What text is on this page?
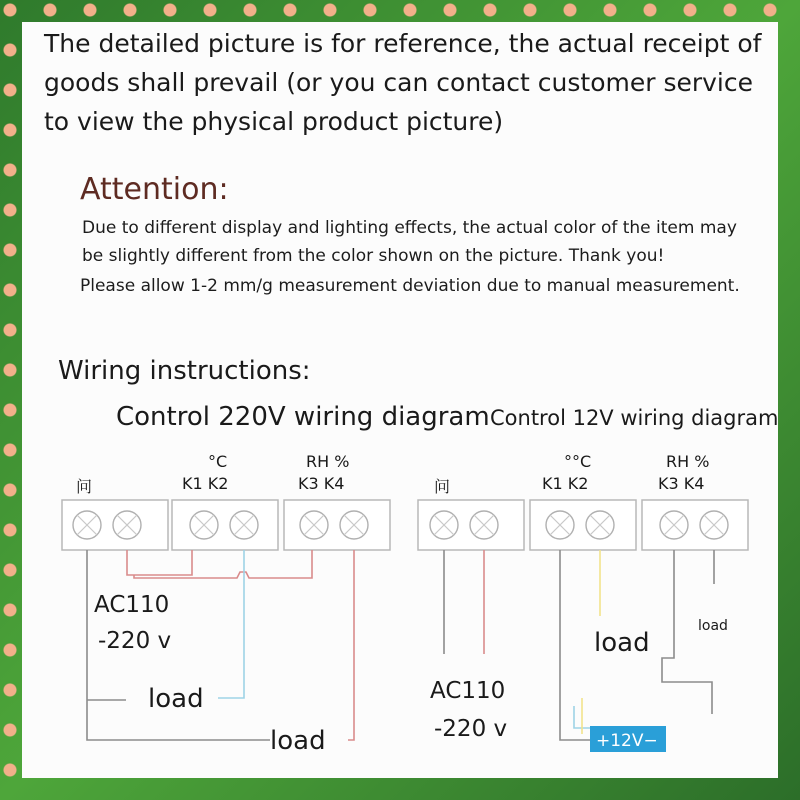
The detailed picture is for reference, the actual receipt of goods shall prevail (or you can contact customer service to view the physical product picture)
Attention:
Due to different display and lighting effects, the actual color of the item may
be slightly different from the color shown on the picture. Thank you!
Please allow 1-2 mm/g measurement deviation due to manual measurement.
Wiring instructions:
Control 220V wiring diagram
问
°C
K1 K2
RH %
K3 K4
AC110
-220 v
load
load
Control 12V wiring diagram
问
°°C
K1 K2
RH %
K3 K4
AC110
-220 v
load
load
+12V−
